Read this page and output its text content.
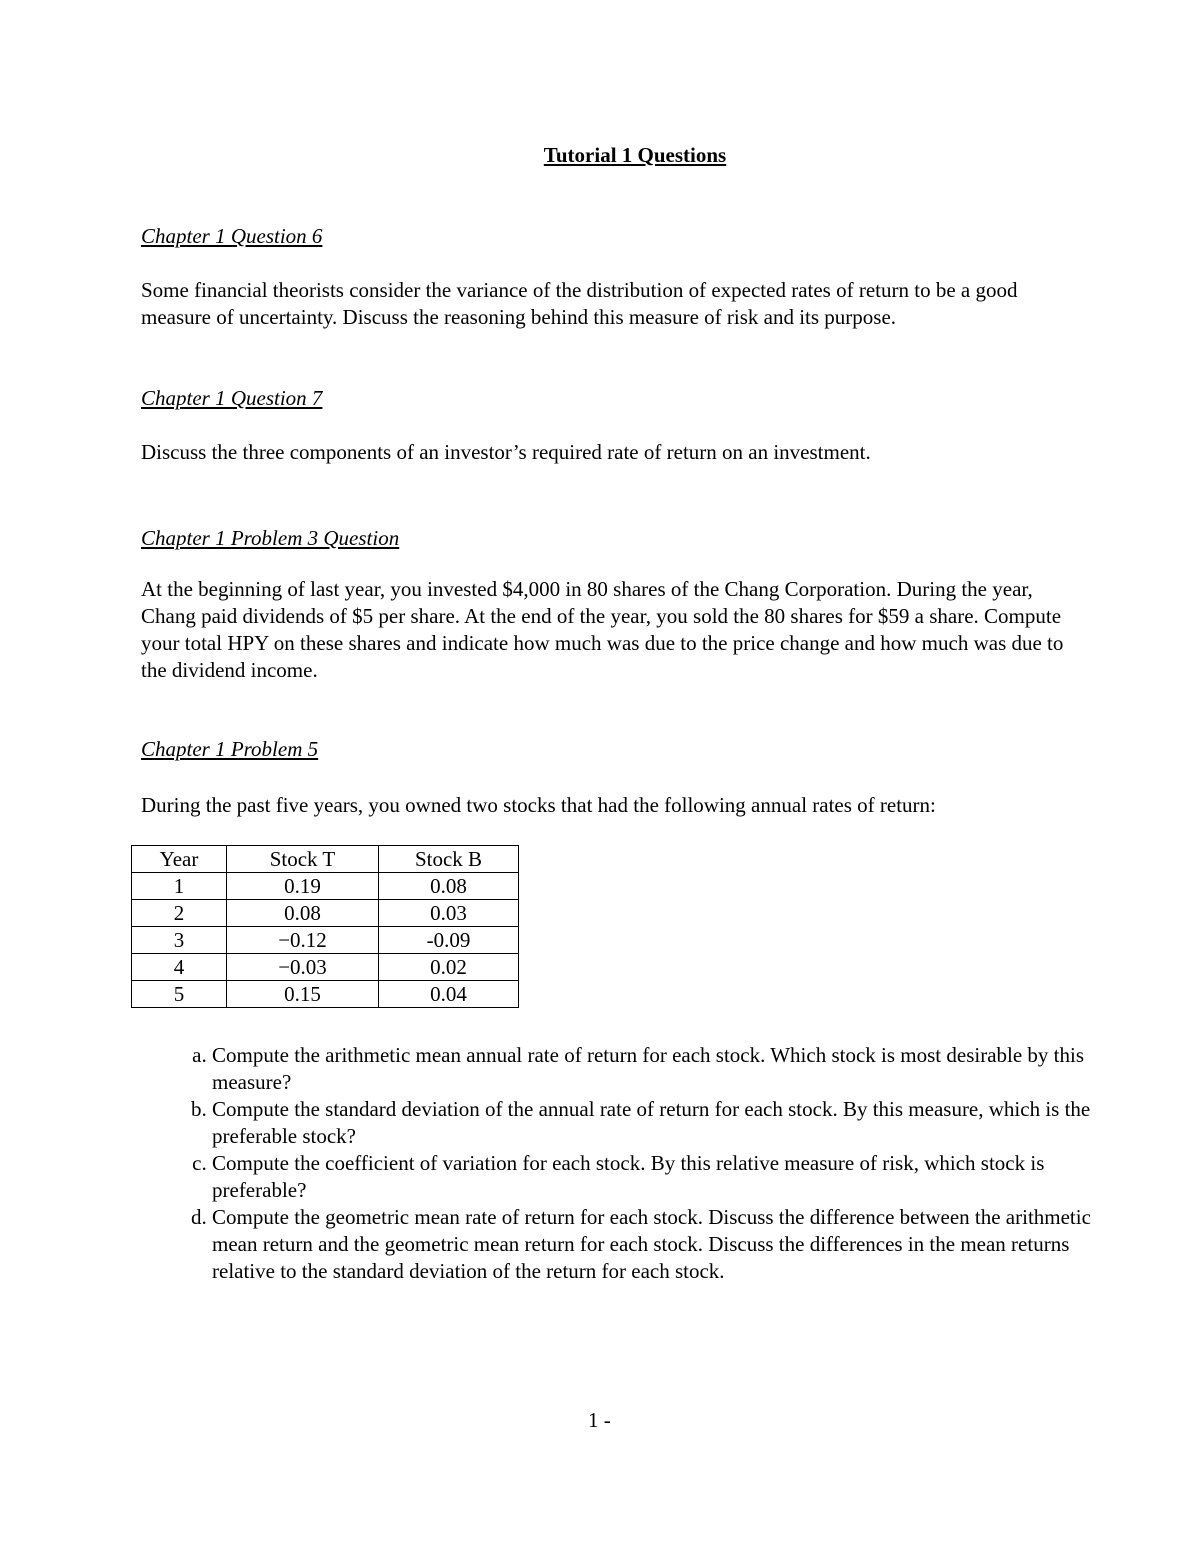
Tutorial 1 Questions
Chapter 1 Question 6
Some financial theorists consider the variance of the distribution of expected rates of return to be a good measure of uncertainty. Discuss the reasoning behind this measure of risk and its purpose.
Chapter 1 Question 7
Discuss the three components of an investor’s required rate of return on an investment.
Chapter 1 Problem 3 Question
At the beginning of last year, you invested $4,000 in 80 shares of the Chang Corporation. During the year, Chang paid dividends of $5 per share. At the end of the year, you sold the 80 shares for $59 a share. Compute your total HPY on these shares and indicate how much was due to the price change and how much was due to the dividend income.
Chapter 1 Problem 5
During the past five years, you owned two stocks that had the following annual rates of return:
Year	Stock T	Stock B
1	0.19	0.08
2	0.08	0.03
3	−0.12	-0.09
4	−0.03	0.02
5	0.15	0.04
a. Compute the arithmetic mean annual rate of return for each stock. Which stock is most desirable by this measure?
b. Compute the standard deviation of the annual rate of return for each stock. By this measure, which is the preferable stock?
c. Compute the coefficient of variation for each stock. By this relative measure of risk, which stock is preferable?
d. Compute the geometric mean rate of return for each stock. Discuss the difference between the arithmetic mean return and the geometric mean return for each stock. Discuss the differences in the mean returns relative to the standard deviation of the return for each stock.
1 -
